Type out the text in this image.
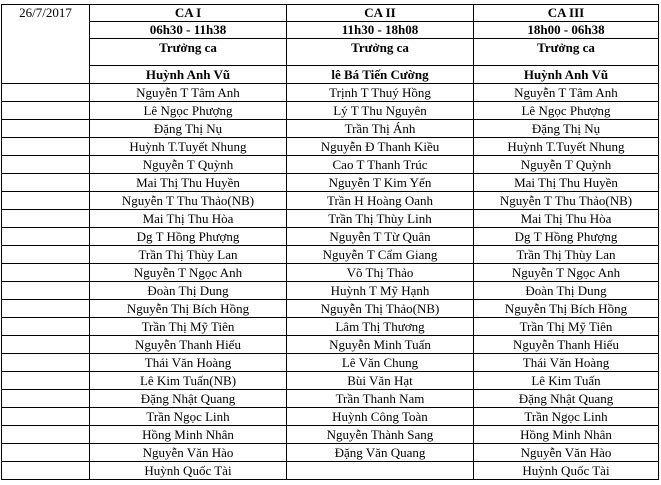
26/7/2017	CA I	CA II	CA III
	06h30 - 11h38	11h30 - 18h08	18h00 - 06h38
	Trưởng ca	Trưởng ca	Trưởng ca
	Huỳnh Anh Vũ	lê Bá Tiến Cường	Huỳnh Anh Vũ
	Nguyễn T Tâm Anh	Trịnh T Thuý Hồng	Nguyễn T Tâm Anh
	Lê Ngọc Phượng	Lý T Thu Nguyên	Lê Ngọc Phượng
	Đặng Thị Nụ	Trần Thị Ánh	Đặng Thị Nụ
	Huỳnh T.Tuyết Nhung	Nguyễn Đ Thanh Kiều	Huỳnh T.Tuyết Nhung
	Nguyễn T Quỳnh	Cao T Thanh Trúc	Nguyễn T Quỳnh
	Mai Thị Thu Huyền	Nguyễn T Kim Yến	Mai Thị Thu Huyền
	Nguyễn T Thu Thảo(NB)	Trần H Hoàng Oanh	Nguyễn T Thu Thảo(NB)
	Mai Thị Thu Hòa	Trần Thị Thùy Linh	Mai Thị Thu Hòa
	Dg T Hồng Phượng	Nguyễn T Từ Quân	Dg T Hồng Phượng
	Trần Thị Thùy Lan	Nguyễn T Cẩm Giang	Trần Thị Thùy Lan
	Nguyễn T Ngọc Anh	Võ Thị Thảo	Nguyễn T Ngọc Anh
	Đoàn Thị Dung	Huỳnh T Mỹ Hạnh	Đoàn Thị Dung
	Nguyễn Thị Bích Hồng	Nguyễn Thị Thảo(NB)	Nguyễn Thị Bích Hồng
	Trần Thị Mỹ Tiên	Lâm Thị Thương	Trần Thị Mỹ Tiên
	Nguyễn Thanh Hiếu	Nguyễn Minh Tuấn	Nguyễn Thanh Hiếu
	Thái Văn Hoàng	Lê Văn Chung	Thái Văn Hoàng
	Lê Kim Tuấn(NB)	Bùi Văn Hạt	Lê Kim Tuấn
	Đặng Nhật Quang	Trần Thanh Nam	Đặng Nhật Quang
	Trần Ngọc Linh	Huỳnh Công Toàn	Trần Ngọc Linh
	Hồng Minh Nhân	Nguyễn Thành Sang	Hồng Minh Nhân
	Nguyễn Văn Hào	Đặng Văn Quang	Nguyễn Văn Hào
	Huỳnh Quốc Tài		Huỳnh Quốc Tài
